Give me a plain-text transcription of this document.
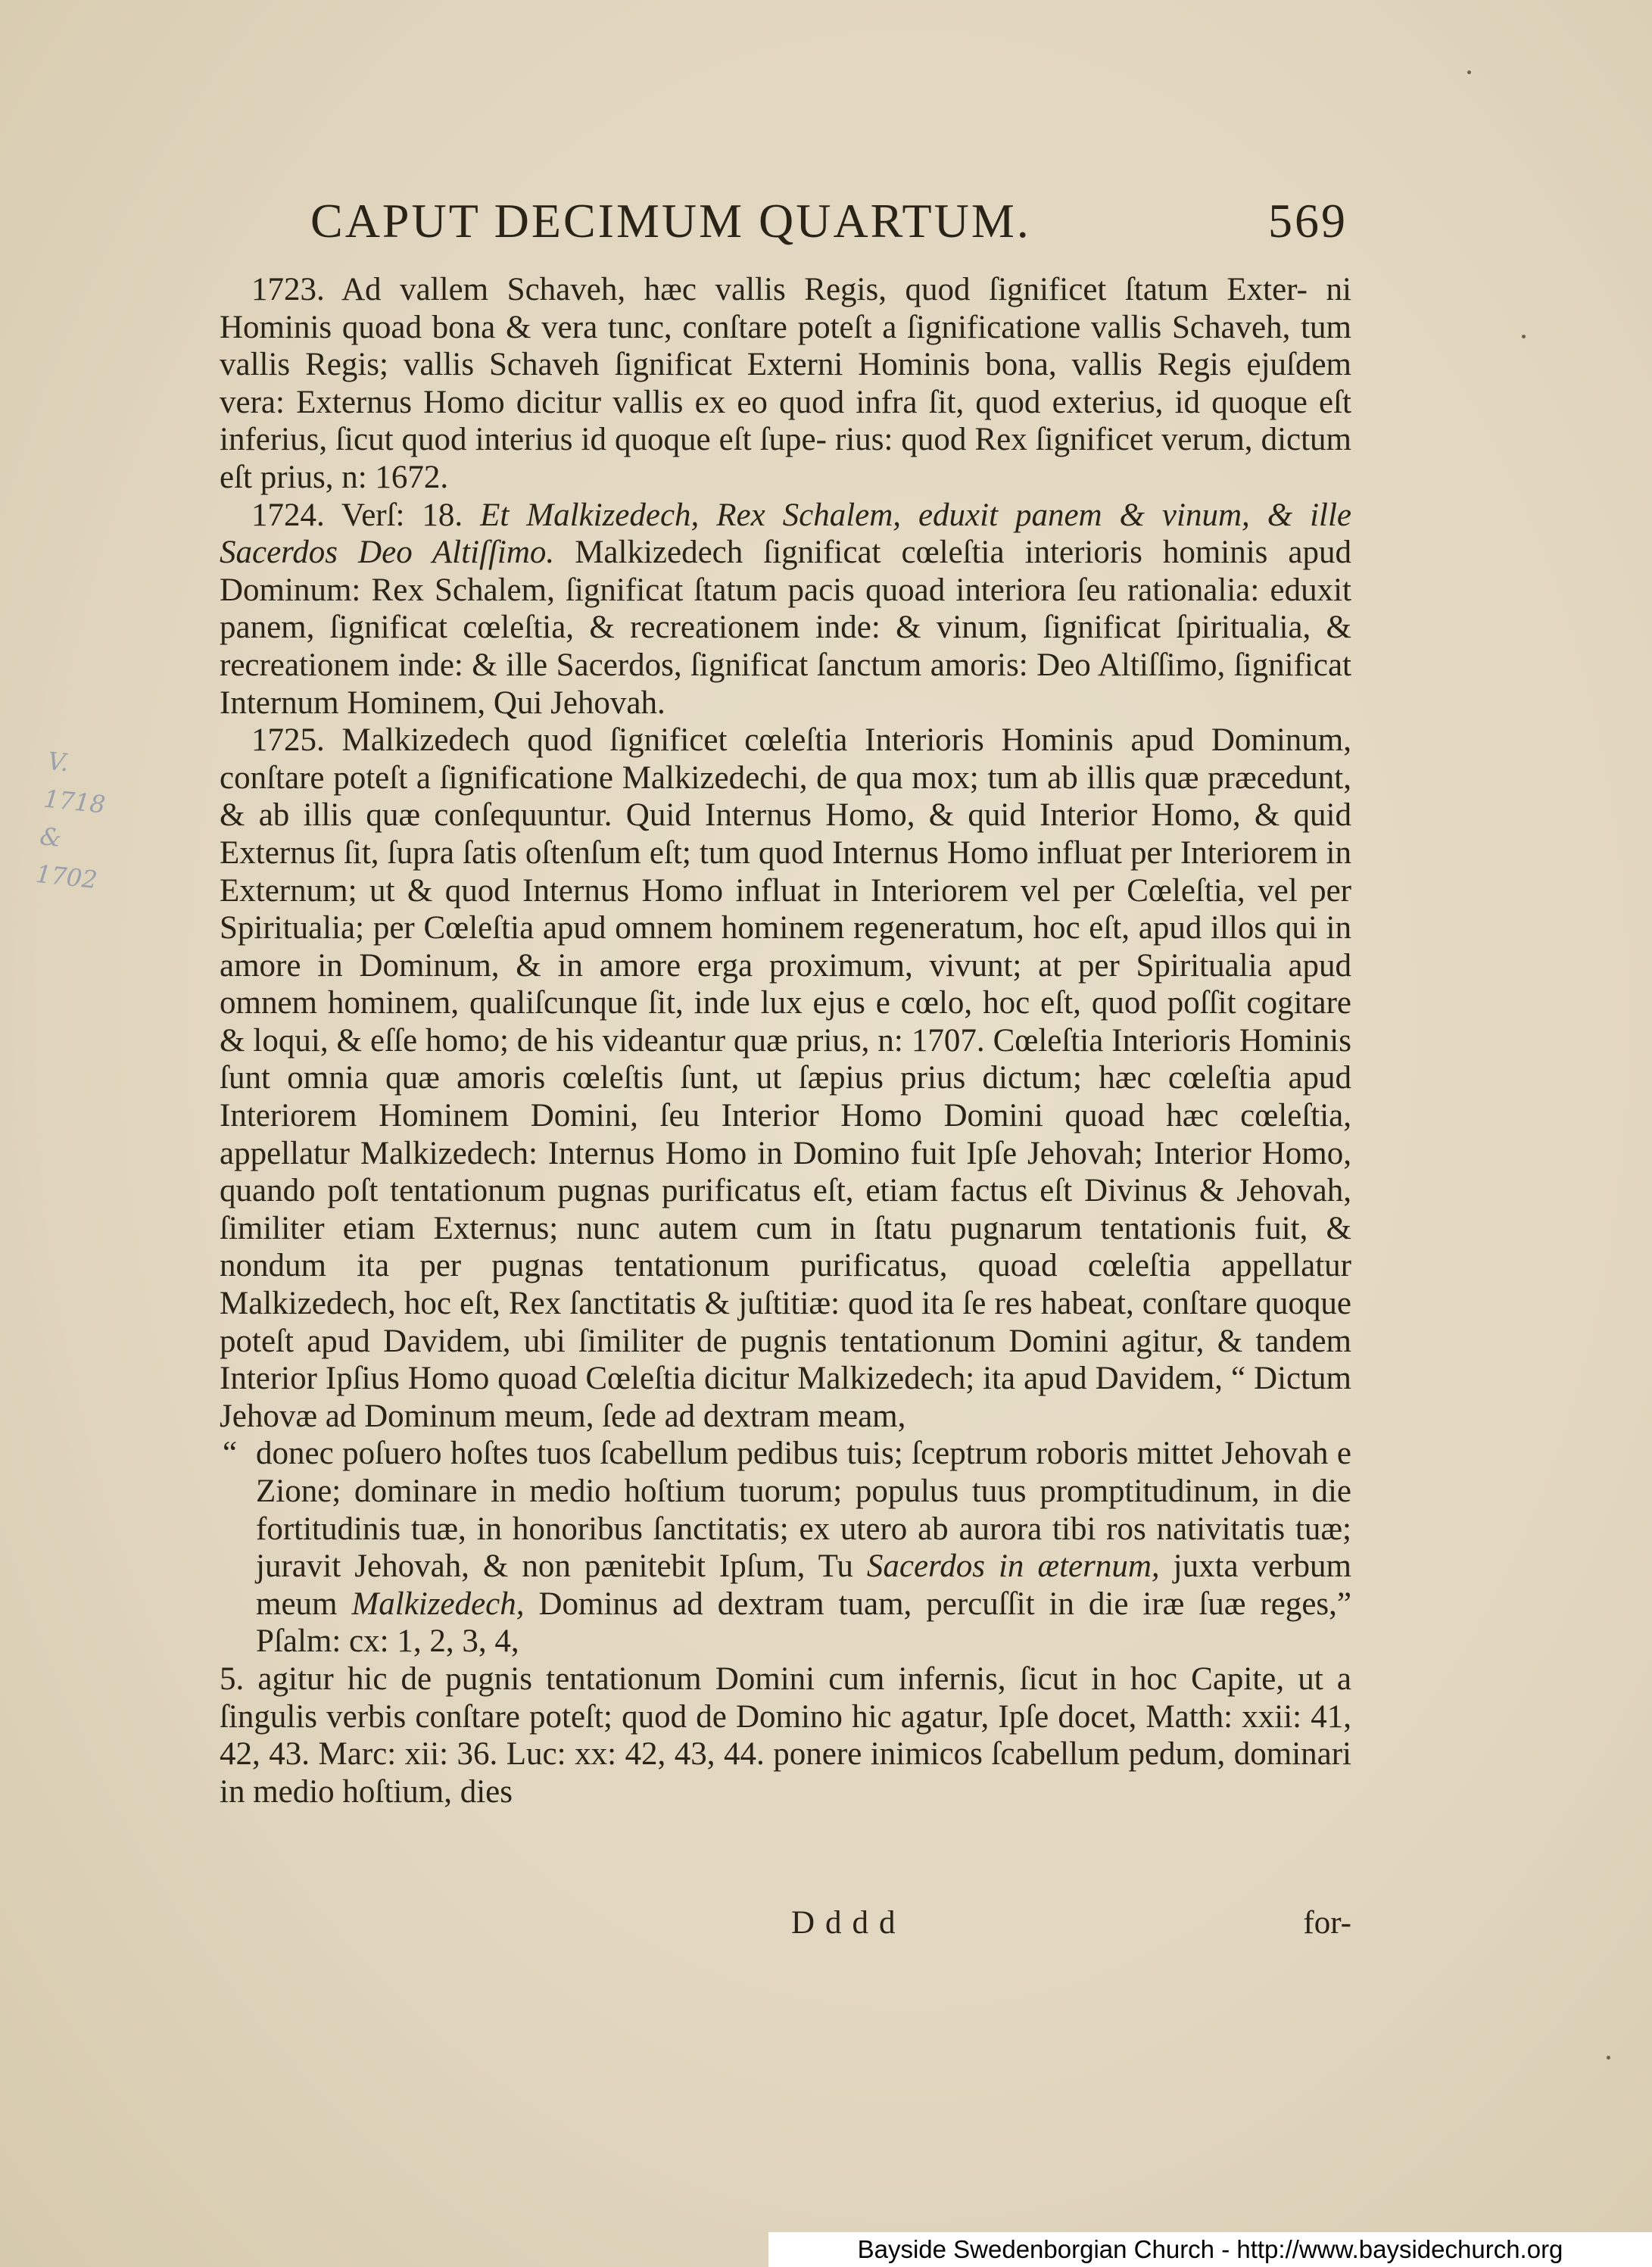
CAPUT DECIMUM QUARTUM.	569

1723. Ad vallem Schaveh, hæc vallis Regis, quod ſignificet ſtatum Exter- ni Hominis quoad bona & vera tunc, conſtare poteſt a ſignificatione vallis Schaveh, tum vallis Regis; vallis Schaveh ſignificat Externi Hominis bona, vallis Regis ejuſdem vera: Externus Homo dicitur vallis ex eo quod infra ſit, quod exterius, id quoque eſt inferius, ſicut quod interius id quoque eſt ſupe- rius: quod Rex ſignificet verum, dictum eſt prius, n: 1672.

1724. Verſ: 18. Et Malkizedech, Rex Schalem, eduxit panem & vinum, & ille Sacerdos Deo Altiſſimo. Malkizedech ſignificat cœleſtia interioris hominis apud Dominum: Rex Schalem, ſignificat ſtatum pacis quoad interiora ſeu rationalia: eduxit panem, ſignificat cœleſtia, & recreationem inde: & vinum, ſignificat ſpiritualia, & recreationem inde: & ille Sacerdos, ſignificat ſanctum amoris: Deo Altiſſimo, ſignificat Internum Hominem, Qui Jehovah.

1725. Malkizedech quod ſignificet cœleſtia Interioris Hominis apud Dominum, conſtare poteſt a ſignificatione Malkizedechi, de qua mox; tum ab illis quæ præcedunt, & ab illis quæ conſequuntur. Quid Internus Homo, & quid Interior Homo, & quid Externus ſit, ſupra ſatis oſtenſum eſt; tum quod Internus Homo influat per Interiorem in Externum; ut & quod Internus Homo influat in Interiorem vel per Cœleſtia, vel per Spiritualia; per Cœleſtia apud omnem hominem regeneratum, hoc eſt, apud illos qui in amore in Dominum, & in amore erga proximum, vivunt; at per Spiritualia apud omnem hominem, qualiſcunque ſit, inde lux ejus e cœlo, hoc eſt, quod poſſit cogitare & loqui, & eſſe homo; de his videantur quæ prius, n: 1707. Cœleſtia Interioris Hominis ſunt omnia quæ amoris cœleſtis ſunt, ut ſæpius prius dictum; hæc cœleſtia apud Interiorem Hominem Domini, ſeu Interior Homo Domini quoad hæc cœleſtia, appellatur Malkizedech: Internus Homo in Domino fuit Ipſe Jehovah; Interior Homo, quando poſt tentationum pugnas purificatus eſt, etiam factus eſt Divinus & Jehovah, ſimiliter etiam Externus; nunc autem cum in ſtatu pugnarum tentationis fuit, & nondum ita per pugnas tentationum purificatus, quoad cœleſtia appellatur Malkizedech, hoc eſt, Rex ſanctitatis & juſtitiæ: quod ita ſe res habeat, conſtare quoque poteſt apud Davidem, ubi ſimiliter de pugnis tentationum Domini agitur, & tandem Interior Ipſius Homo quoad Cœleſtia dicitur Malkizedech; ita apud Davidem, “ Dictum Jehovæ ad Dominum meum, ſede ad dextram meam,

“ donec poſuero hoſtes tuos ſcabellum pedibus tuis; ſceptrum roboris mittet Jehovah e Zione; dominare in medio hoſtium tuorum; populus tuus promptitudinum, in die fortitudinis tuæ, in honoribus ſanctitatis; ex utero ab aurora tibi ros nativitatis tuæ; juravit Jehovah, & non pænitebit Ipſum, Tu Sacerdos in æternum, juxta verbum meum Malkizedech, Dominus ad dextram tuam, percuſſit in die iræ ſuæ reges,” Pſalm: cx: 1, 2, 3, 4,

5. agitur hic de pugnis tentationum Domini cum infernis, ſicut in hoc Capite, ut a ſingulis verbis conſtare poteſt; quod de Domino hic agatur, Ipſe docet, Matth: xxii: 41, 42, 43. Marc: xii: 36. Luc: xx: 42, 43, 44. ponere inimicos ſcabellum pedum, dominari in medio hoſtium, dies

Dddd	for-
V. 1718
& 1702
Bayside Swedenborgian Church - http://www.baysidechurch.org
